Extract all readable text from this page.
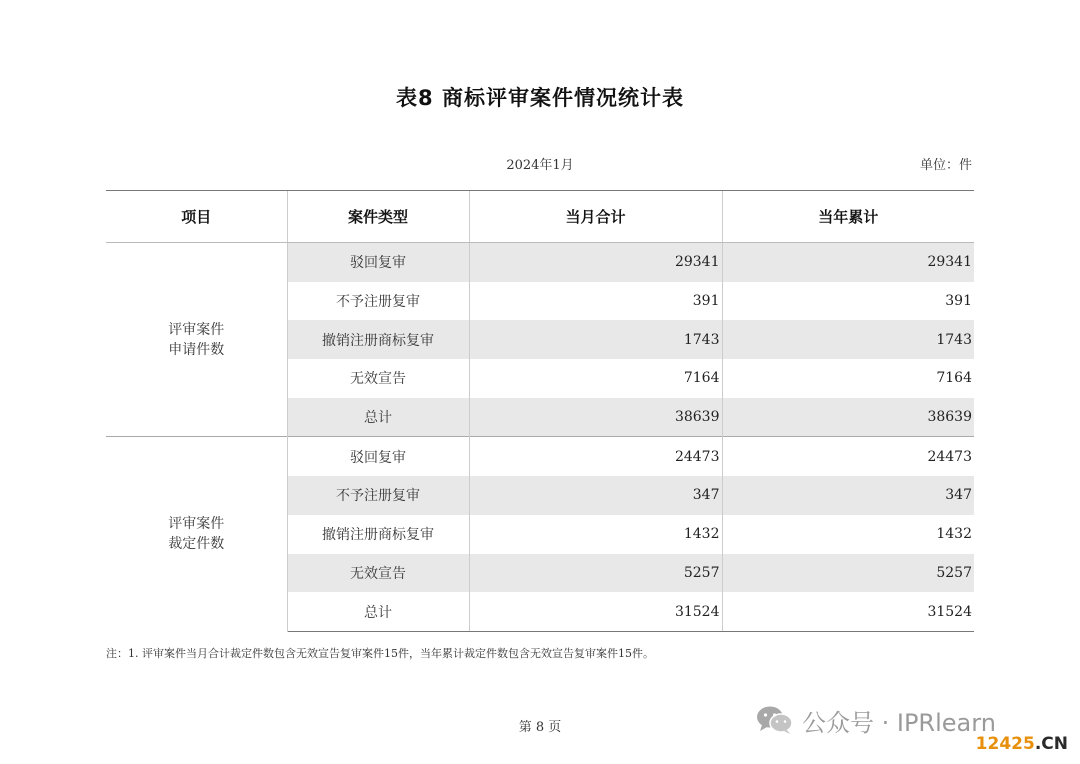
表8 商标评审案件情况统计表
2024年1月	单位：件
项目	案件类型	当月合计	当年累计
评审案件
申请件数	驳回复审	29341	29341
	不予注册复审	391	391
	撤销注册商标复审	1743	1743
	无效宣告	7164	7164
	总计	38639	38639
评审案件
裁定件数	驳回复审	24473	24473
	不予注册复审	347	347
	撤销注册商标复审	1432	1432
	无效宣告	5257	5257
	总计	31524	31524
注：1. 评审案件当月合计裁定件数包含无效宣告复审案件15件，当年累计裁定件数包含无效宣告复审案件15件。
第 8 页	公众号 · IPRlearn
12425.CN
